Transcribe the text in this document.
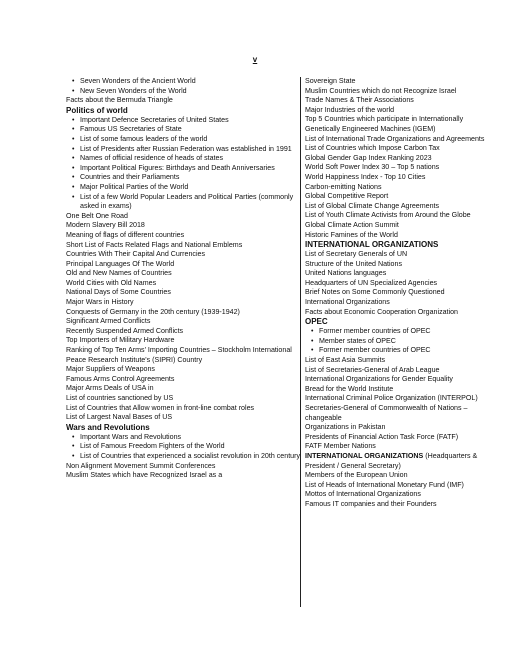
v
• Seven Wonders of the Ancient World
• New Seven Wonders of the World
Facts about the Bermuda Triangle
Politics of world
• Important Defence Secretaries of United States
• Famous US Secretaries of State
• List of some famous leaders of the world
• List of Presidents after Russian Federation was established in 1991
• Names of official residence of heads of states
• Important Political Figures: Birthdays and Death Anniversaries
• Countries and their Parliaments
• Major Political Parties of the World
• List of a few World Popular Leaders and Political Parties (commonly asked in exams)
One Belt One Road
Modern Slavery Bill 2018
Meaning of flags of different countries
Short List of Facts Related Flags and National Emblems
Countries With Their Capital And Currencies
Principal Languages Of The World
Old and New Names of Countries
World Cities with Old Names
National Days of Some Countries
Major Wars in History
Conquests of Germany in the 20th century (1939-1942)
Significant Armed Conflicts
Recently Suspended Armed Conflicts
Top Importers of Military Hardware
Ranking of Top Ten Arms' Importing Countries – Stockholm International Peace Research Institute's (SIPRI) Country
Major Suppliers of Weapons
Famous Arms Control Agreements
Major Arms Deals of USA in
List of countries sanctioned by US
List of Countries that Allow women in front-line combat roles
List of Largest Naval Bases of US
Wars and Revolutions
• Important Wars and Revolutions
• List of Famous Freedom Fighters of the World
• List of Countries that experienced a socialist revolution in 20th century
Non Alignment Movement Summit Conferences
Muslim States which have Recognized Israel as a
Sovereign State
Muslim Countries which do not Recognize Israel
Trade Names & Their Associations
Major Industries of the world
Top 5 Countries which participate in Internationally Genetically Engineered Machines (IGEM)
List of International Trade Organizations and Agreements
List of Countries which Impose Carbon Tax
Global Gender Gap Index Ranking 2023
World Soft Power Index 30 – Top 5 nations
World Happiness Index - Top 10 Cities
Carbon-emitting Nations
Global Competitive Report
List of Global Climate Change Agreements
List of Youth Climate Activists from Around the Globe
Global Climate Action Summit
Historic Famines of the World
INTERNATIONAL ORGANIZATIONS
List of Secretary Generals of UN
Structure of the United Nations
United Nations languages
Headquarters of UN Specialized Agencies
Brief Notes on Some Commonly Questioned International Organizations
Facts about Economic Cooperation Organization
OPEC
• Former member countries of OPEC
• Member states of OPEC
• Former member countries of OPEC
List of East Asia Summits
List of Secretaries-General of Arab League
International Organizations for Gender Equality
Bread for the World Institute
International Criminal Police Organization (INTERPOL)
Secretaries-General of Commonwealth of Nations – changeable
Organizations in Pakistan
Presidents of Financial Action Task Force (FATF)
FATF Member Nations
INTERNATIONAL ORGANIZATIONS (Headquarters & President / General Secretary)
Members of the European Union
List of Heads of International Monetary Fund (IMF)
Mottos of International Organizations
Famous IT companies and their Founders
